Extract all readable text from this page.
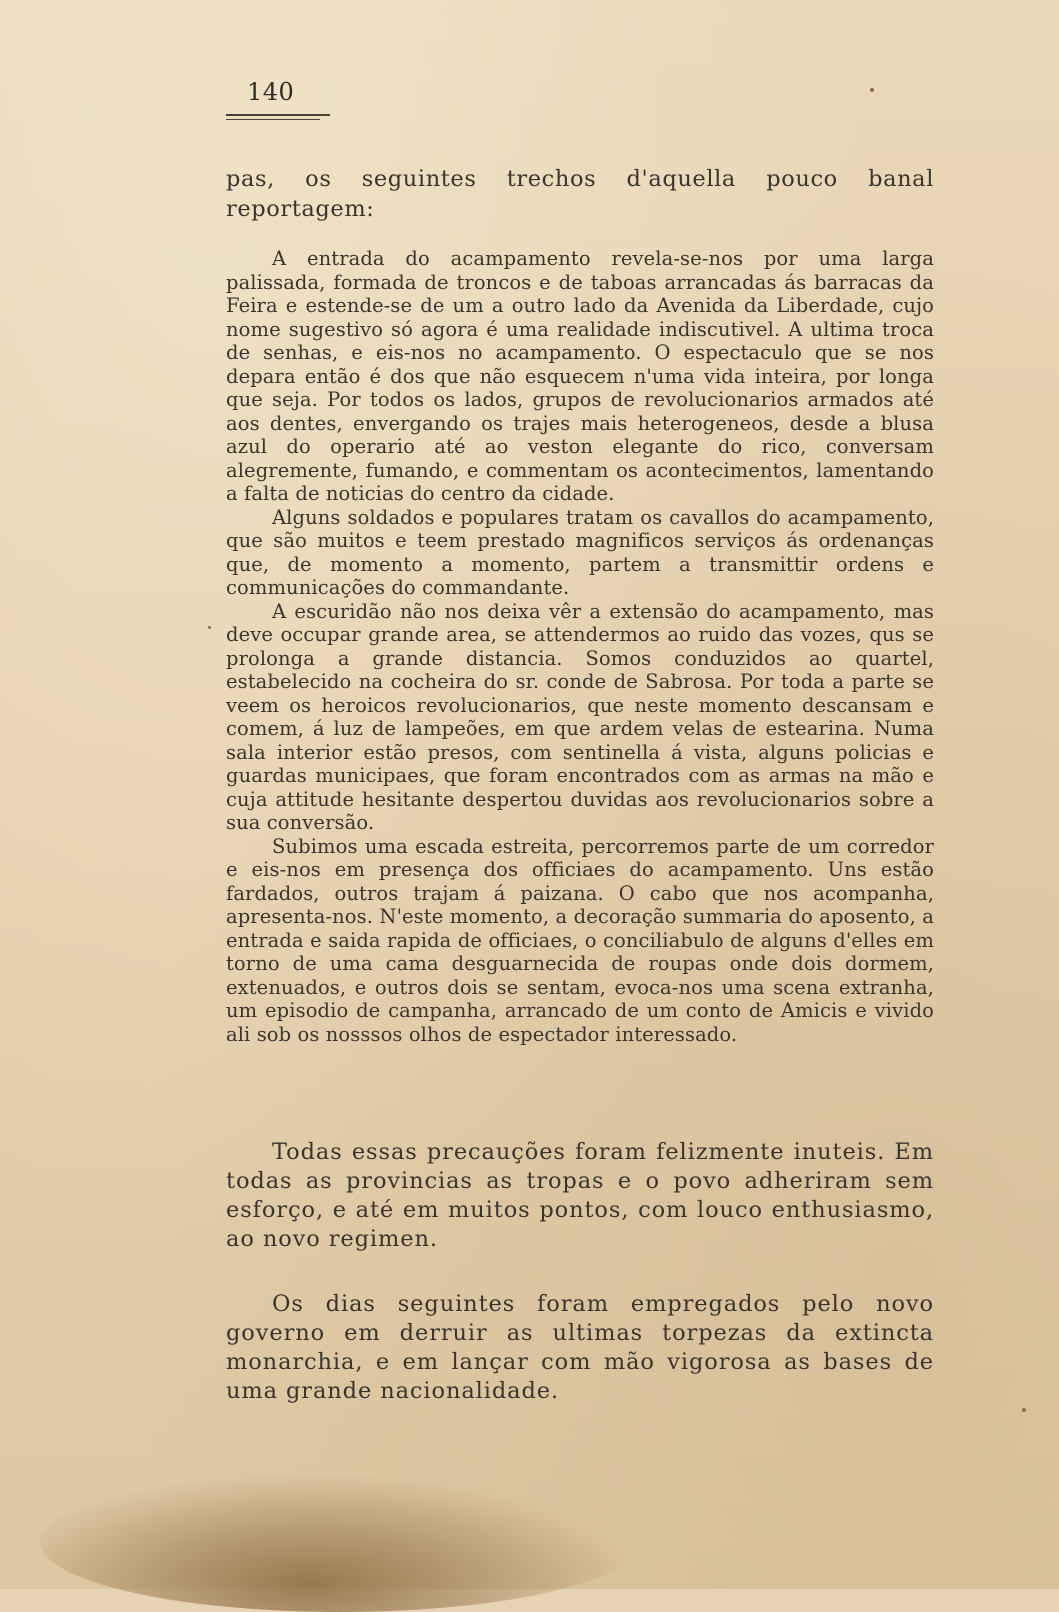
140

pas, os seguintes trechos d'aquella pouco banal reportagem:

A entrada do acampamento revela-se-nos por uma larga palissada, formada de troncos e de taboas arrancadas ás barracas da Feira e estende-se de um a outro lado da Avenida da Liberdade, cujo nome sugestivo só agora é uma realidade indiscutivel. A ultima troca de senhas, e eis-nos no acampamento. O espectaculo que se nos depara então é dos que não esquecem n'uma vida inteira, por longa que seja. Por todos os lados, grupos de revolucionarios armados até aos dentes, envergando os trajes mais heterogeneos, desde a blusa azul do operario até ao veston elegante do rico, conversam alegremente, fumando, e commentam os acontecimentos, lamentando a falta de noticias do centro da cidade.

Alguns soldados e populares tratam os cavallos do acampamento, que são muitos e teem prestado magnificos serviços ás ordenanças que, de momento a momento, partem a transmittir ordens e communicações do commandante.

A escuridão não nos deixa vêr a extensão do acampamento, mas deve occupar grande area, se attendermos ao ruido das vozes, qus se prolonga a grande distancia. Somos conduzidos ao quartel, estabelecido na cocheira do sr. conde de Sabrosa. Por toda a parte se veem os heroicos revolucionarios, que neste momento descansam e comem, á luz de lampeões, em que ardem velas de estearina. Numa sala interior estão presos, com sentinella á vista, alguns policias e guardas municipaes, que foram encontrados com as armas na mão e cuja attitude hesitante despertou duvidas aos revolucionarios sobre a sua conversão.

Subimos uma escada estreita, percorremos parte de um corredor e eis-nos em presença dos officiaes do acampamento. Uns estão fardados, outros trajam á paizana. O cabo que nos acompanha, apresenta-nos. N'este momento, a decoração summaria do aposento, a entrada e saida rapida de officiaes, o conciliabulo de alguns d'elles em torno de uma cama desguarnecida de roupas onde dois dormem, extenuados, e outros dois se sentam, evoca-nos uma scena extranha, um episodio de campanha, arrancado de um conto de Amicis e vivido ali sob os nosssos olhos de espectador interessado.

Todas essas precauções foram felizmente inuteis. Em todas as provincias as tropas e o povo adheriram sem esforço, e até em muitos pontos, com louco enthusiasmo, ao novo regimen.

Os dias seguintes foram empregados pelo novo governo em derruir as ultimas torpezas da extincta monarchia, e em lançar com mão vigorosa as bases de uma grande nacionalidade.
